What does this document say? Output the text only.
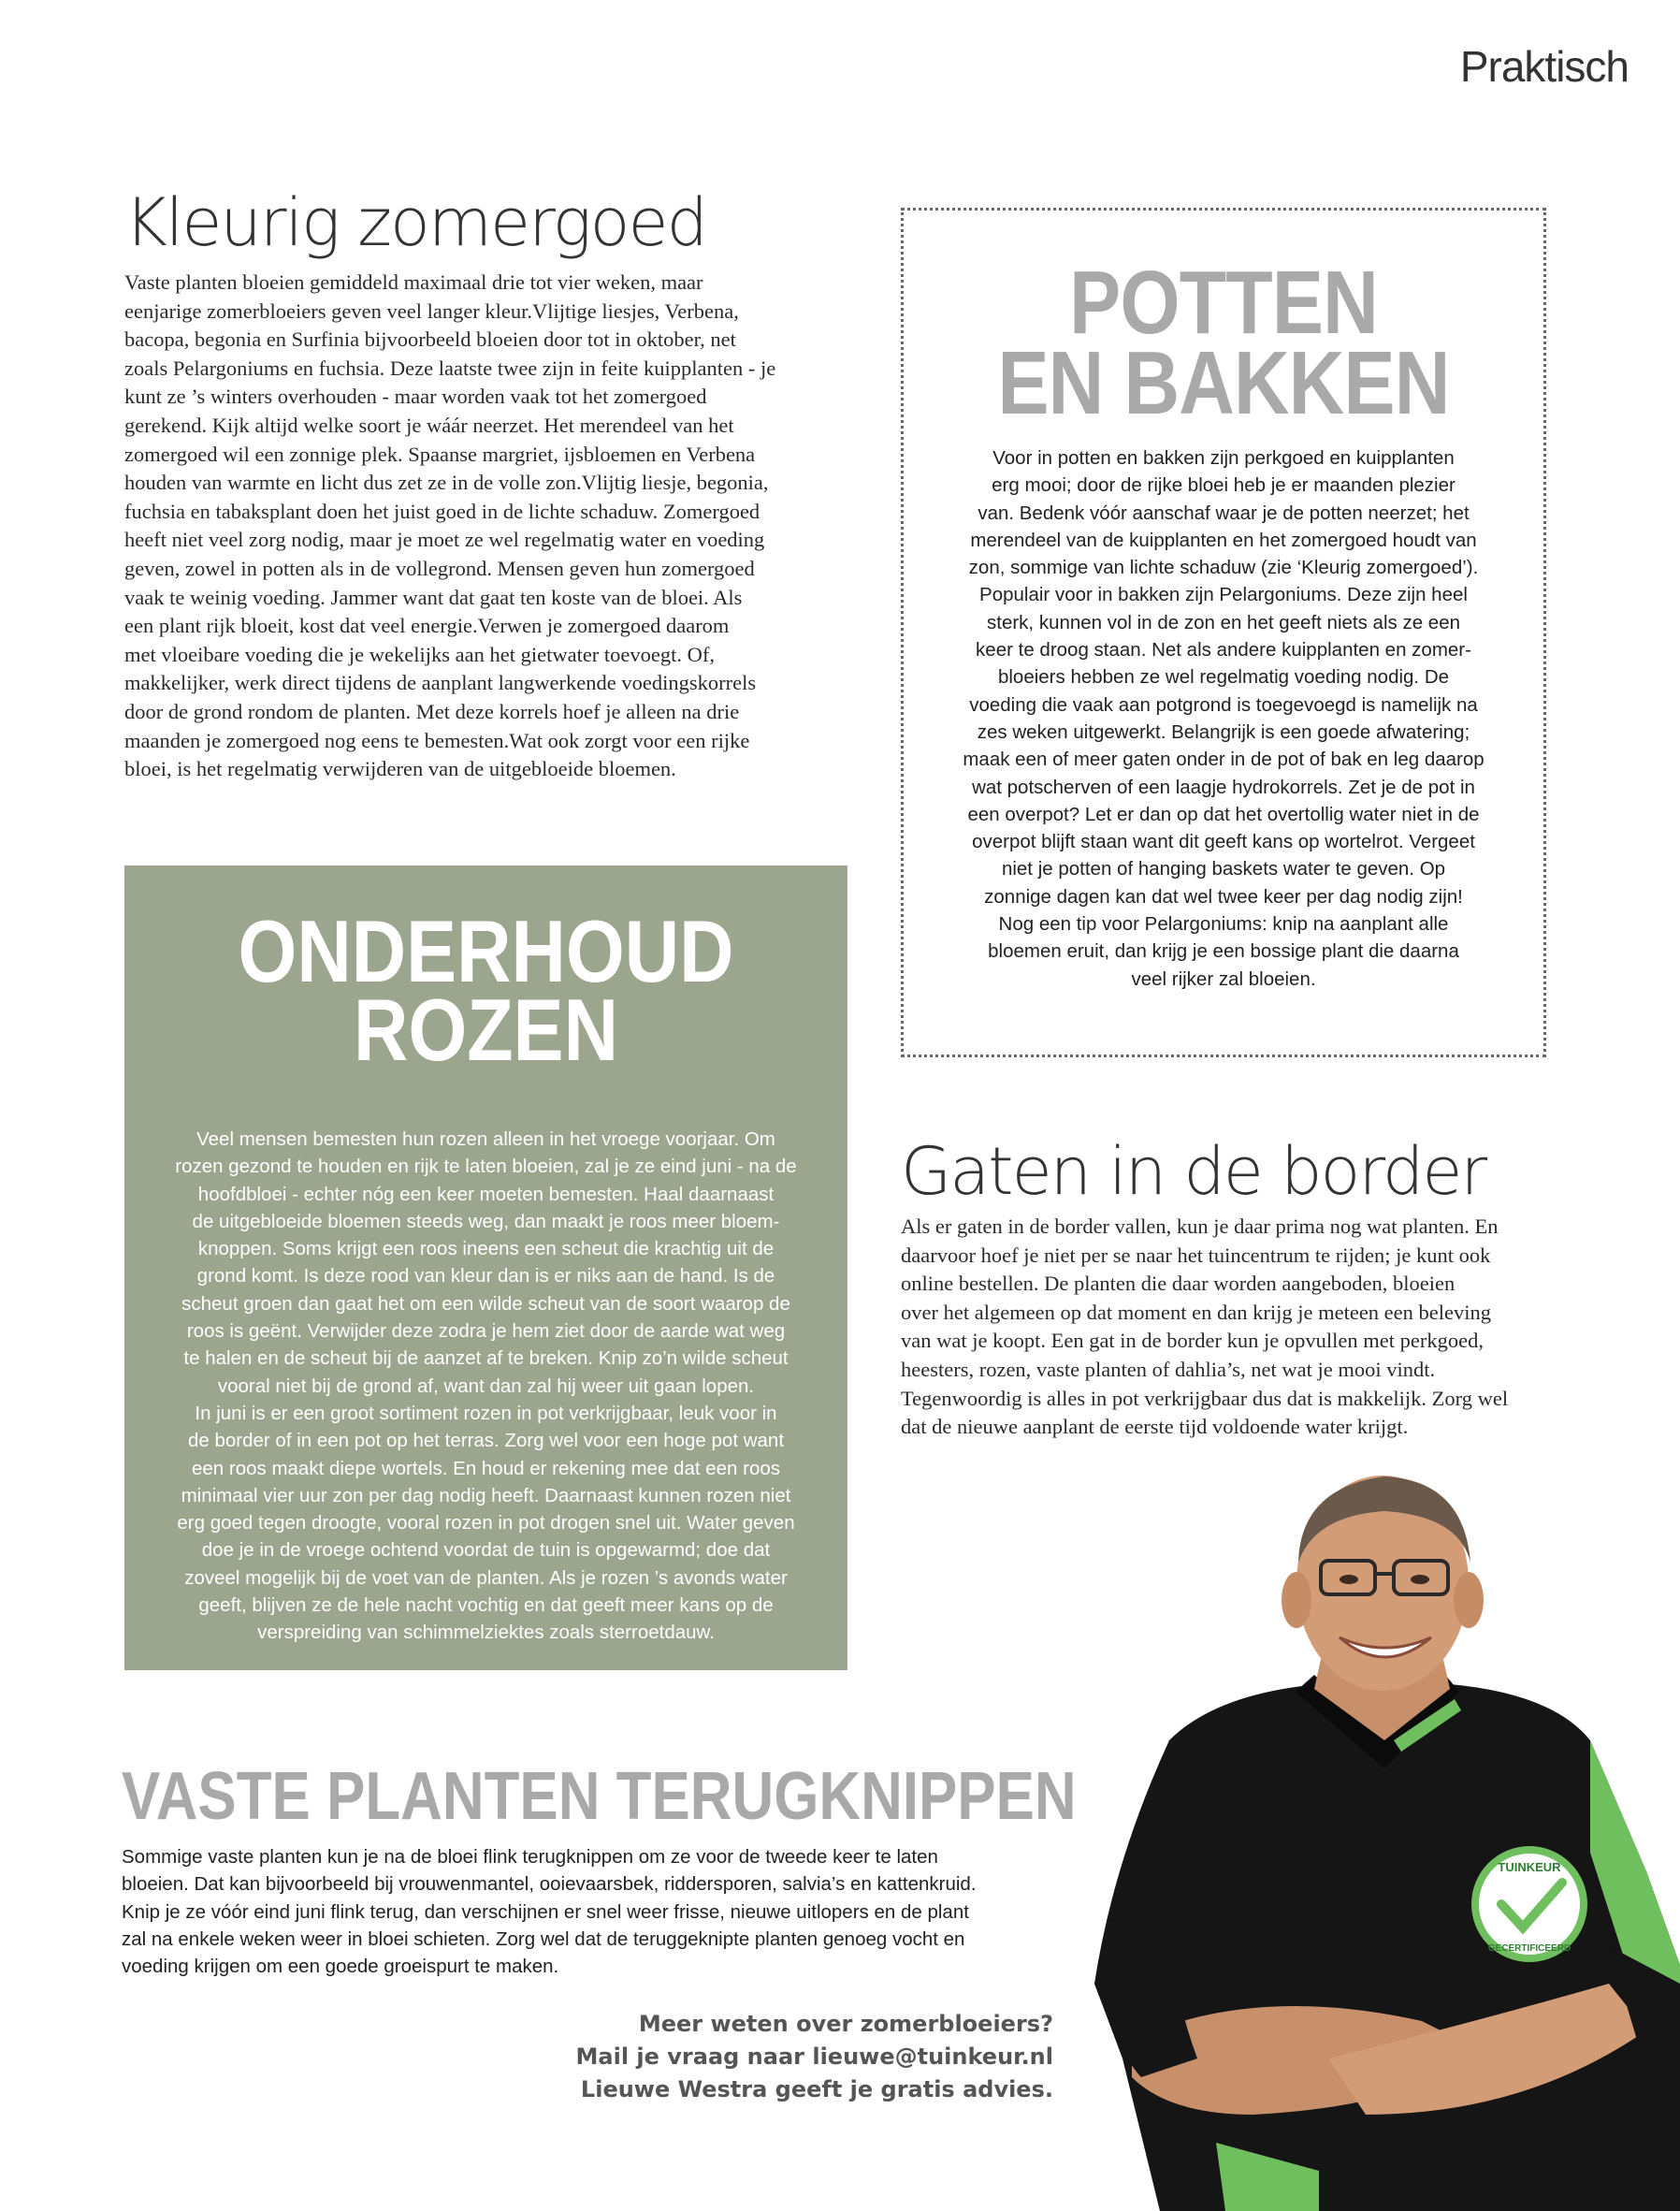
Praktisch
Kleurig zomergoed
Vaste planten bloeien gemiddeld maximaal drie tot vier weken, maar
eenjarige zomerbloeiers geven veel langer kleur.Vlijtige liesjes, Verbena,
bacopa, begonia en Surfinia bijvoorbeeld bloeien door tot in oktober, net
zoals Pelargoniums en fuchsia. Deze laatste twee zijn in feite kuipplanten - je
kunt ze ’s winters overhouden - maar worden vaak tot het zomergoed
gerekend. Kijk altijd welke soort je wáár neerzet. Het merendeel van het
zomergoed wil een zonnige plek. Spaanse margriet, ijsbloemen en Verbena
houden van warmte en licht dus zet ze in de volle zon.Vlijtig liesje, begonia,
fuchsia en tabaksplant doen het juist goed in de lichte schaduw. Zomergoed
heeft niet veel zorg nodig, maar je moet ze wel regelmatig water en voeding
geven, zowel in potten als in de vollegrond. Mensen geven hun zomergoed
vaak te weinig voeding. Jammer want dat gaat ten koste van de bloei. Als
een plant rijk bloeit, kost dat veel energie.Verwen je zomergoed daarom
met vloeibare voeding die je wekelijks aan het gietwater toevoegt. Of,
makkelijker, werk direct tijdens de aanplant langwerkende voedingskorrels
door de grond rondom de planten. Met deze korrels hoef je alleen na drie
maanden je zomergoed nog eens te bemesten.Wat ook zorgt voor een rijke
bloei, is het regelmatig verwijderen van de uitgebloeide bloemen.
POTTEN
EN BAKKEN
Voor in potten en bakken zijn perkgoed en kuipplanten
erg mooi; door de rijke bloei heb je er maanden plezier
van. Bedenk vóór aanschaf waar je de potten neerzet; het
merendeel van de kuipplanten en het zomergoed houdt van
zon, sommige van lichte schaduw (zie ‘Kleurig zomergoed’).
Populair voor in bakken zijn Pelargoniums. Deze zijn heel
sterk, kunnen vol in de zon en het geeft niets als ze een
keer te droog staan. Net als andere kuipplanten en zomer-
bloeiers hebben ze wel regelmatig voeding nodig. De
voeding die vaak aan potgrond is toegevoegd is namelijk na
zes weken uitgewerkt. Belangrijk is een goede afwatering;
maak een of meer gaten onder in de pot of bak en leg daarop
wat potscherven of een laagje hydrokorrels. Zet je de pot in
een overpot? Let er dan op dat het overtollig water niet in de
overpot blijft staan want dit geeft kans op wortelrot. Vergeet
niet je potten of hanging baskets water te geven. Op
zonnige dagen kan dat wel twee keer per dag nodig zijn!
Nog een tip voor Pelargoniums: knip na aanplant alle
bloemen eruit, dan krijg je een bossige plant die daarna
veel rijker zal bloeien.
ONDERHOUD
ROZEN
Veel mensen bemesten hun rozen alleen in het vroege voorjaar. Om
rozen gezond te houden en rijk te laten bloeien, zal je ze eind juni - na de
hoofdbloei - echter nóg een keer moeten bemesten. Haal daarnaast
de uitgebloeide bloemen steeds weg, dan maakt je roos meer bloem-
knoppen. Soms krijgt een roos ineens een scheut die krachtig uit de
grond komt. Is deze rood van kleur dan is er niks aan de hand. Is de
scheut groen dan gaat het om een wilde scheut van de soort waarop de
roos is geënt. Verwijder deze zodra je hem ziet door de aarde wat weg
te halen en de scheut bij de aanzet af te breken. Knip zo’n wilde scheut
vooral niet bij de grond af, want dan zal hij weer uit gaan lopen.
In juni is er een groot sortiment rozen in pot verkrijgbaar, leuk voor in
de border of in een pot op het terras. Zorg wel voor een hoge pot want
een roos maakt diepe wortels. En houd er rekening mee dat een roos
minimaal vier uur zon per dag nodig heeft. Daarnaast kunnen rozen niet
erg goed tegen droogte, vooral rozen in pot drogen snel uit. Water geven
doe je in de vroege ochtend voordat de tuin is opgewarmd; doe dat
zoveel mogelijk bij de voet van de planten. Als je rozen ’s avonds water
geeft, blijven ze de hele nacht vochtig en dat geeft meer kans op de
verspreiding van schimmelziektes zoals sterroetdauw.
Gaten in de border
Als er gaten in de border vallen, kun je daar prima nog wat planten. En
daarvoor hoef je niet per se naar het tuincentrum te rijden; je kunt ook
online bestellen. De planten die daar worden aangeboden, bloeien
over het algemeen op dat moment en dan krijg je meteen een beleving
van wat je koopt. Een gat in de border kun je opvullen met perkgoed,
heesters, rozen, vaste planten of dahlia’s, net wat je mooi vindt.
Tegenwoordig is alles in pot verkrijgbaar dus dat is makkelijk. Zorg wel
dat de nieuwe aanplant de eerste tijd voldoende water krijgt.
VASTE PLANTEN TERUGKNIPPEN
Sommige vaste planten kun je na de bloei flink terugknippen om ze voor de tweede keer te laten
bloeien. Dat kan bijvoorbeeld bij vrouwenmantel, ooievaarsbek, riddersporen, salvia’s en kattenkruid.
Knip je ze vóór eind juni flink terug, dan verschijnen er snel weer frisse, nieuwe uitlopers en de plant
zal na enkele weken weer in bloei schieten. Zorg wel dat de teruggeknipte planten genoeg vocht en
voeding krijgen om een goede groeispurt te maken.
Meer weten over zomerbloeiers?
Mail je vraag naar lieuwe@tuinkeur.nl
Lieuwe Westra geeft je gratis advies.
TUINKEUR
GECERTIFICEERD
